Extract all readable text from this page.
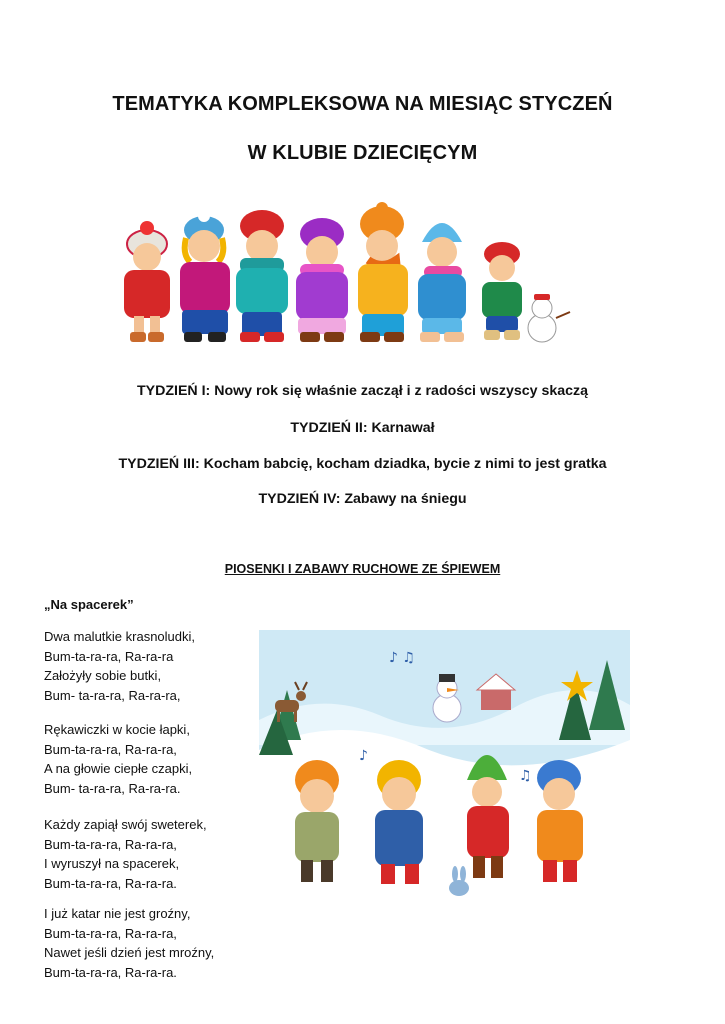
TEMATYKA KOMPLEKSOWA NA MIESIĄC STYCZEŃ
W KLUBIE DZIECIĘCYM

TYDZIEŃ I: Nowy rok się właśnie zaczął i z radości wszyscy skaczą

TYDZIEŃ II: Karnawał

TYDZIEŃ III: Kocham babcię, kocham dziadka, bycie z nimi to jest gratka

TYDZIEŃ IV: Zabawy na śniegu

PIOSENKI I ZABAWY RUCHOWE ZE ŚPIEWEM

„Na spacerek”

Dwa malutkie krasnoludki,
Bum-ta-ra-ra, Ra-ra-ra
Założyły sobie butki,
Bum- ta-ra-ra, Ra-ra-ra,
Rękawiczki w kocie łapki,
Bum-ta-ra-ra, Ra-ra-ra,
A na głowie ciepłe czapki,
Bum- ta-ra-ra, Ra-ra-ra.
Każdy zapiął swój sweterek,
Bum-ta-ra-ra, Ra-ra-ra,
I wyruszył na spacerek,
Bum-ta-ra-ra, Ra-ra-ra.
I już katar nie jest groźny,
Bum-ta-ra-ra, Ra-ra-ra,
Nawet jeśli dzień jest mroźny,
Bum-ta-ra-ra, Ra-ra-ra.
♪ ♫
♪
♫
